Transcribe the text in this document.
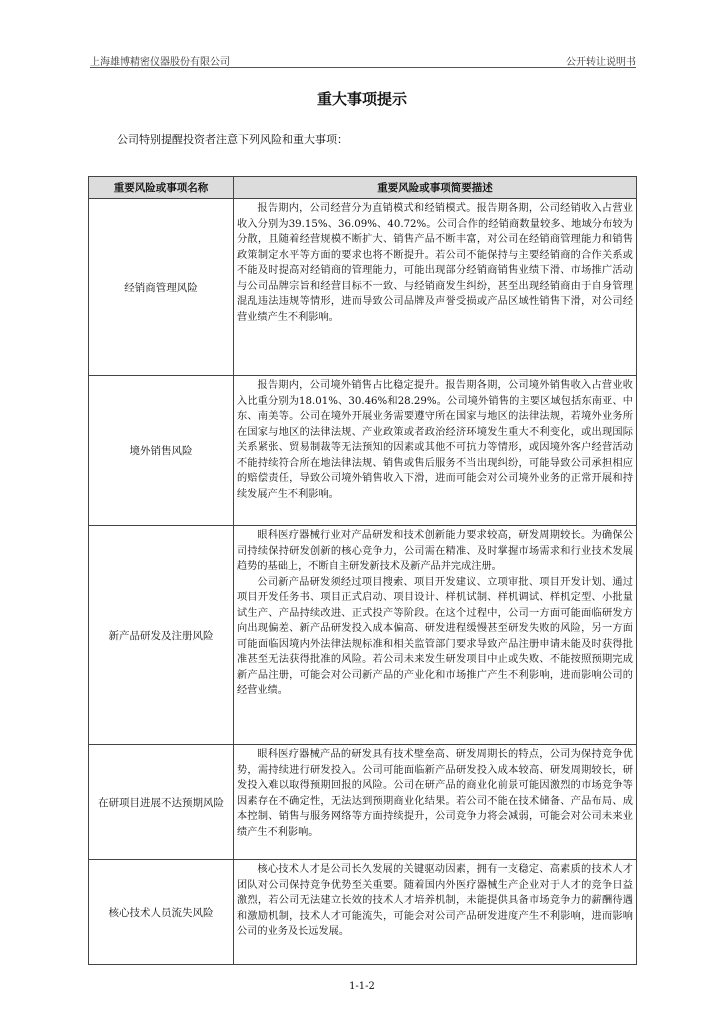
上海雄博精密仪器股份有限公司	公开转让说明书
重大事项提示
公司特别提醒投资者注意下列风险和重大事项：
重要风险或事项名称	重要风险或事项简要描述
经销商管理风险	报告期内，公司经营分为直销模式和经销模式。报告期各期，公司经销收入占营业收入分别为39.15%、36.09%、40.72%。公司合作的经销商数量较多、地域分布较为分散，且随着经营规模不断扩大、销售产品不断丰富，对公司在经销商管理能力和销售政策制定水平等方面的要求也将不断提升。若公司不能保持与主要经销商的合作关系或不能及时提高对经销商的管理能力，可能出现部分经销商销售业绩下滑、市场推广活动与公司品牌宗旨和经营目标不一致、与经销商发生纠纷，甚至出现经销商由于自身管理混乱违法违规等情形，进而导致公司品牌及声誉受损或产品区域性销售下滑，对公司经营业绩产生不利影响。

境外销售风险	报告期内，公司境外销售占比稳定提升。报告期各期，公司境外销售收入占营业收入比重分别为18.01%、30.46%和28.29%。公司境外销售的主要区域包括东南亚、中东、南美等。公司在境外开展业务需要遵守所在国家与地区的法律法规，若境外业务所在国家与地区的法律法规、产业政策或者政治经济环境发生重大不利变化，或出现国际关系紧张、贸易制裁等无法预知的因素或其他不可抗力等情形，或因境外客户经营活动不能持续符合所在地法律法规、销售或售后服务不当出现纠纷，可能导致公司承担相应的赔偿责任，导致公司境外销售收入下滑，进而可能会对公司境外业务的正常开展和持续发展产生不利影响。

新产品研发及注册风险	眼科医疗器械行业对产品研发和技术创新能力要求较高，研发周期较长。为确保公司持续保持研发创新的核心竞争力，公司需在精准、及时掌握市场需求和行业技术发展趋势的基础上，不断自主研发新技术及新产品并完成注册。

公司新产品研发须经过项目搜索、项目开发建议、立项审批、项目开发计划、通过项目开发任务书、项目正式启动、项目设计、样机试制、样机调试、样机定型、小批量试生产、产品持续改进、正式投产等阶段。在这个过程中，公司一方面可能面临研发方向出现偏差、新产品研发投入成本偏高、研发进程缓慢甚至研发失败的风险，另一方面可能面临因境内外法律法规标准和相关监管部门要求导致产品注册申请未能及时获得批准甚至无法获得批准的风险。若公司未来发生研发项目中止或失败、不能按照预期完成新产品注册，可能会对公司新产品的产业化和市场推广产生不利影响，进而影响公司的经营业绩。

在研项目进展不达预期风险	眼科医疗器械产品的研发具有技术壁垒高、研发周期长的特点，公司为保持竞争优势，需持续进行研发投入。公司可能面临新产品研发投入成本较高、研发周期较长，研发投入难以取得预期回报的风险。公司在研产品的商业化前景可能因激烈的市场竞争等因素存在不确定性，无法达到预期商业化结果。若公司不能在技术储备、产品布局、成本控制、销售与服务网络等方面持续提升，公司竞争力将会减弱，可能会对公司未来业绩产生不利影响。

核心技术人员流失风险	核心技术人才是公司长久发展的关键驱动因素，拥有一支稳定、高素质的技术人才团队对公司保持竞争优势至关重要。随着国内外医疗器械生产企业对于人才的竞争日益激烈，若公司无法建立长效的技术人才培养机制，未能提供具备市场竞争力的薪酬待遇和激励机制，技术人才可能流失，可能会对公司产品研发进度产生不利影响，进而影响公司的业务及长远发展。

1-1-2
